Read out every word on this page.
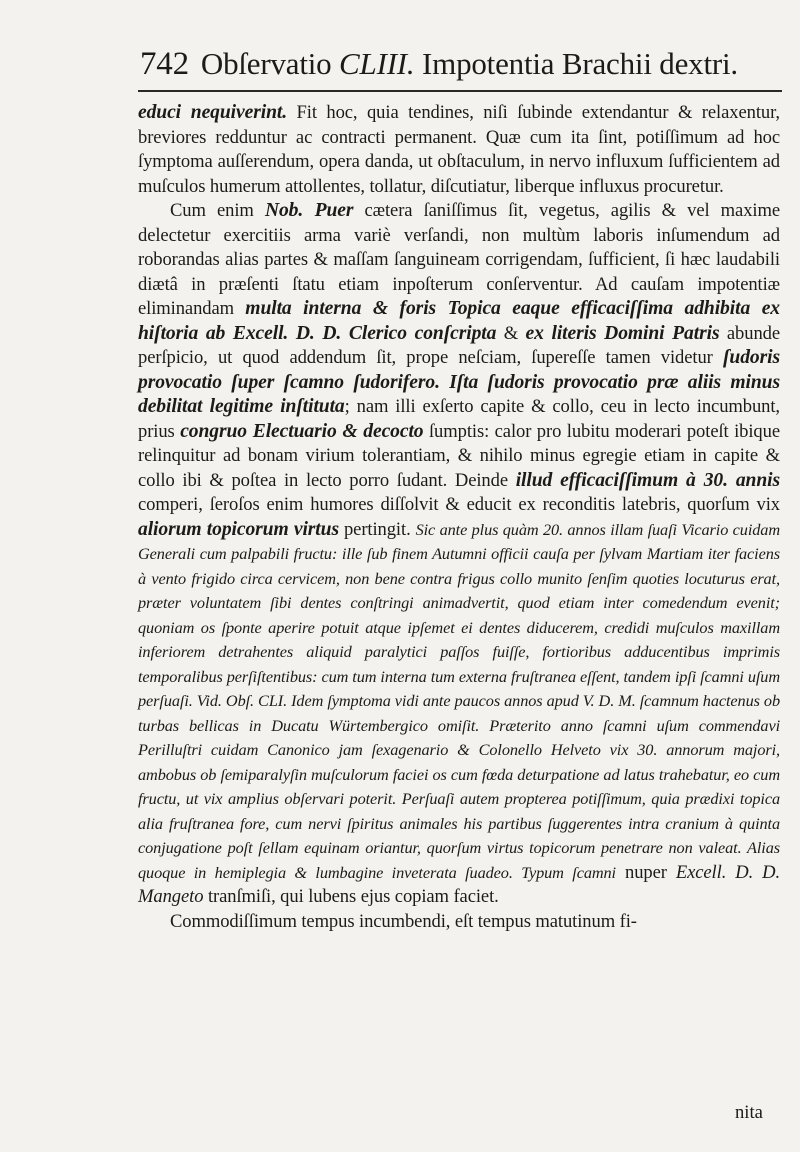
742 Obſervatio CLIII. Impotentia Brachii dextri.

educi nequiverint. Fit hoc, quia tendines, niſi ſubinde extendantur & relaxentur, breviores redduntur ac contracti permanent. Quæ cum ita ſint, potiſſimum ad hoc ſymptoma auſſerendum, opera danda, ut obſtaculum, in nervo influxum ſufficientem ad muſculos humerum attollentes, tollatur, diſcutiatur, liberque influxus procuretur.

Cum enim Nob. Puer cætera ſaniſſimus ſit, vegetus, agilis & vel maxime delectetur exercitiis arma variè verſandi, non multùm laboris inſumendum ad roborandas alias partes & maſſam ſanguineam corrigendam, ſufficient, ſi hæc laudabili diætâ in præſenti ſtatu etiam inpoſterum conſerventur. Ad cauſam impotentiæ eliminandam multa interna & foris Topica eaque efficaciſſima adhibita ex hiſtoria ab Excell. D. D. Clerico conſcripta & ex literis Domini Patris abunde perſpicio, ut quod addendum ſit, prope neſciam, ſupereſſe tamen videtur ſudoris provocatio ſuper ſcamno ſudorifero. Iſta ſudoris provocatio præ aliis minus debilitat legitime inſtituta; nam illi exſerto capite & collo, ceu in lecto incumbunt, prius congruo Electuario & decocto ſumptis: calor pro lubitu moderari poteſt ibique relinquitur ad bonam virium tolerantiam, & nihilo minus egregie etiam in capite & collo ibi & poſtea in lecto porro ſudant. Deinde illud efficaciſſimum à 30. annis comperi, ſeroſos enim humores diſſolvit & educit ex reconditis latebris, quorſum vix aliorum topicorum virtus pertingit. Sic ante plus quàm 20. annos illam ſuaſi Vicario cuidam Generali cum palpabili fructu: ille ſub finem Autumni officii cauſa per ſylvam Martiam iter faciens à vento frigido circa cervicem, non bene contra frigus collo munito ſenſim quoties locuturus erat, præter voluntatem ſibi dentes conſtringi animadvertit, quod etiam inter comedendum evenit; quoniam os ſponte aperire potuit atque ipſemet ei dentes diducerem, credidi muſculos maxillam inferiorem detrahentes aliquid paralytici paſſos fuiſſe, fortioribus adducentibus imprimis temporalibus perſiſtentibus: cum tum interna tum externa fruſtranea eſſent, tandem ipſi ſcamni uſum perſuaſi. Vid. Obſ. CLI. Idem ſymptoma vidi ante paucos annos apud V. D. M. ſcamnum hactenus ob turbas bellicas in Ducatu Würtembergico omiſit. Præterito anno ſcamni uſum commendavi Perilluſtri cuidam Canonico jam ſexagenario & Colonello Helveto vix 30. annorum majori, ambobus ob ſemiparalyſin muſculorum faciei os cum fœda deturpatione ad latus trahebatur, eo cum fructu, ut vix amplius obſervari poterit. Perſuaſi autem propterea potiſſimum, quia prædixi topica alia fruſtranea fore, cum nervi ſpiritus animales his partibus ſuggerentes intra cranium à quinta conjugatione poſt ſellam equinam oriantur, quorſum virtus topicorum penetrare non valeat. Alias quoque in hemiplegia & lumbagine inveterata ſuadeo. Typum ſcamni nuper Excell. D. D. Mangeto tranſmiſi, qui lubens ejus copiam faciet.

Commodiſſimum tempus incumbendi, eſt tempus matutinum fi-

nita
